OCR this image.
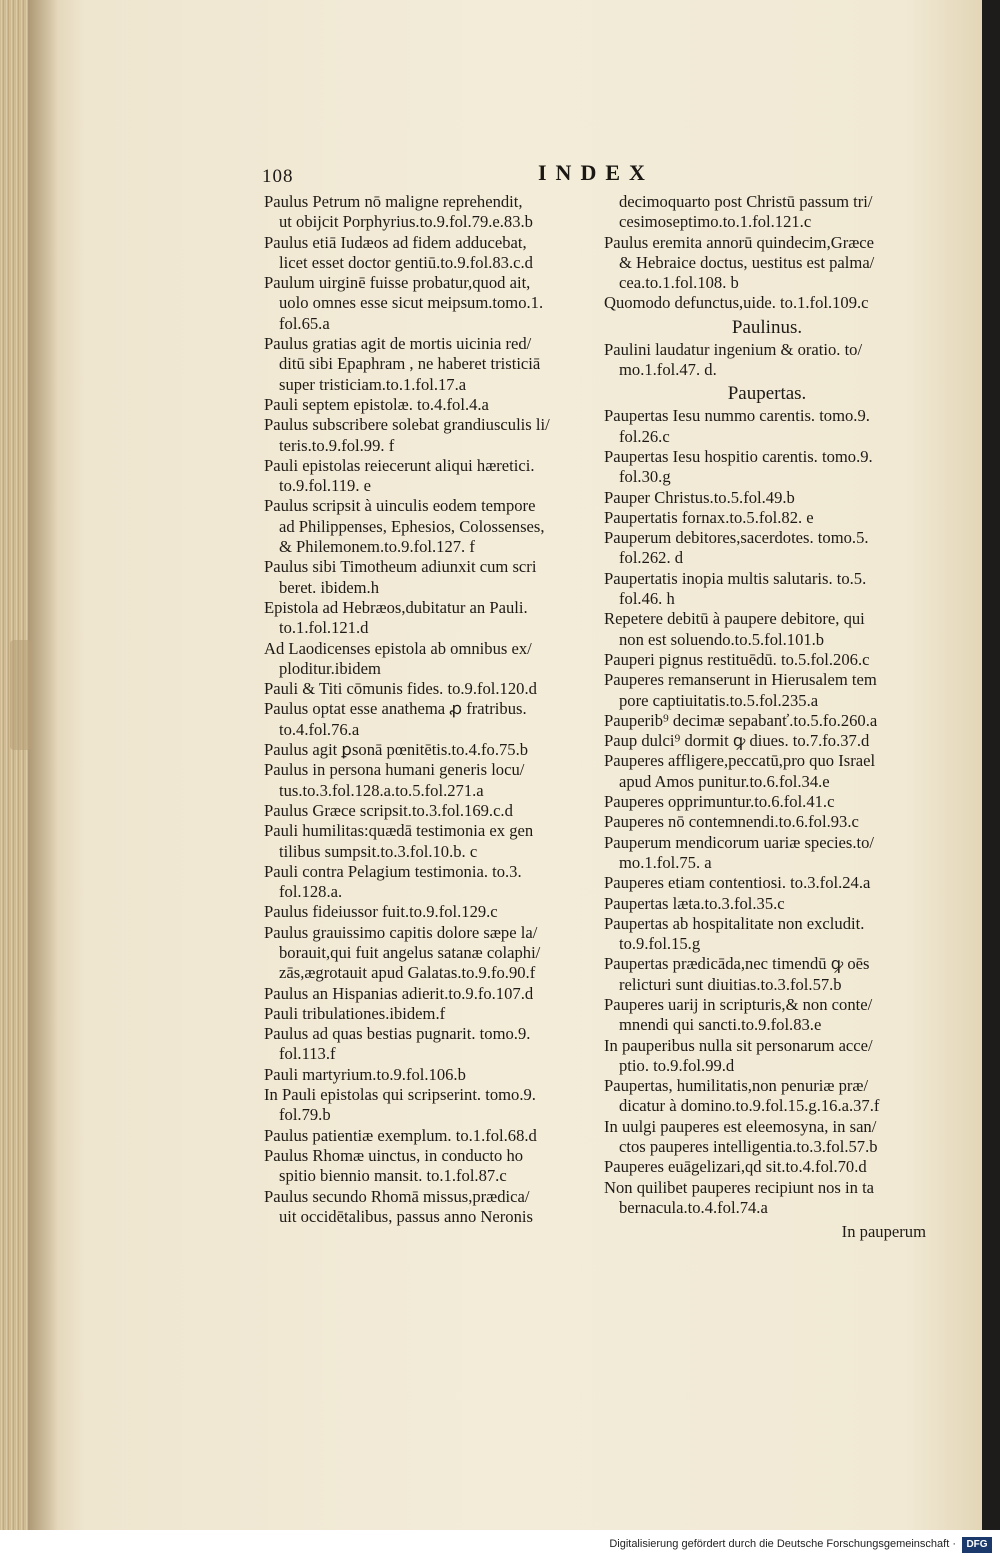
108	INDEX
Paulus Petrum nō maligne reprehendit,
ut obijcit Porphyrius.to.9.fol.79.e.83.b
Paulus etiā Iudæos ad fidem adducebat,
licet esset doctor gentiū.to.9.fol.83.c.d
Paulum uirginē fuisse probatur,quod ait,
uolo omnes esse sicut meipsum.tomo.1.
fol.65.a
Paulus gratias agit de mortis uicinia red/
ditū sibi Epaphram , ne haberet tristiciā
super tristiciam.to.1.fol.17.a
Pauli septem epistolæ. to.4.fol.4.a
Paulus subscribere solebat grandiusculis li/
teris.to.9.fol.99. f
Pauli epistolas reiecerunt aliqui hæretici.
to.9.fol.119. e
Paulus scripsit à uinculis eodem tempore
ad Philippenses, Ephesios, Colossenses,
& Philemonem.to.9.fol.127. f
Paulus sibi Timotheum adiunxit cum scri
beret. ibidem.h
Epistola ad Hebræos,dubitatur an Pauli.
to.1.fol.121.d
Ad Laodicenses epistola ab omnibus ex/
ploditur.ibidem
Pauli & Titi cōmunis fides. to.9.fol.120.d
Paulus optat esse anathema ꝓ fratribus.
to.4.fol.76.a
Paulus agit ꝑsonā pœnitētis.to.4.fo.75.b
Paulus in persona humani generis locu/
tus.to.3.fol.128.a.to.5.fol.271.a
Paulus Græce scripsit.to.3.fol.169.c.d
Pauli humilitas:quædā testimonia ex gen
tilibus sumpsit.to.3.fol.10.b. c
Pauli contra Pelagium testimonia. to.3.
fol.128.a.
Paulus fideiussor fuit.to.9.fol.129.c
Paulus grauissimo capitis dolore sæpe la/
borauit,qui fuit angelus satanæ colaphi/
zās,ægrotauit apud Galatas.to.9.fo.90.f
Paulus an Hispanias adierit.to.9.fo.107.d
Pauli tribulationes.ibidem.f
Paulus ad quas bestias pugnarit. tomo.9.
fol.113.f
Pauli martyrium.to.9.fol.106.b
In Pauli epistolas qui scripserint. tomo.9.
fol.79.b
Paulus patientiæ exemplum. to.1.fol.68.d
Paulus Rhomæ uinctus, in conducto ho
spitio biennio mansit. to.1.fol.87.c
Paulus secundo Rhomā missus,prædica/
uit occidētalibus, passus anno Neronis
decimoquarto post Christū passum tri/
cesimoseptimo.to.1.fol.121.c
Paulus eremita annorū quindecim,Græce
& Hebraice doctus, uestitus est palma/
cea.to.1.fol.108. b
Quomodo defunctus,uide. to.1.fol.109.c
Paulinus.
Paulini laudatur ingenium & oratio. to/
mo.1.fol.47. d.
Paupertas.
Paupertas Iesu nummo carentis. tomo.9.
fol.26.c
Paupertas Iesu hospitio carentis. tomo.9.
fol.30.g
Pauper Christus.to.5.fol.49.b
Paupertatis fornax.to.5.fol.82. e
Pauperum debitores,sacerdotes. tomo.5.
fol.262. d
Paupertatis inopia multis salutaris. to.5.
fol.46. h
Repetere debitū à paupere debitore, qui
non est soluendo.to.5.fol.101.b
Pauperi pignus restituēdū. to.5.fol.206.c
Pauperes remanserunt in Hierusalem tem
pore captiuitatis.to.5.fol.235.a
Pauperib⁹ decimæ sepabanť.to.5.fo.260.a
Paup dulci⁹ dormit ꝙ diues. to.7.fo.37.d
Pauperes affligere,peccatū,pro quo Israel
apud Amos punitur.to.6.fol.34.e
Pauperes opprimuntur.to.6.fol.41.c
Pauperes nō contemnendi.to.6.fol.93.c
Pauperum mendicorum uariæ species.to/
mo.1.fol.75. a
Pauperes etiam contentiosi. to.3.fol.24.a
Paupertas læta.to.3.fol.35.c
Paupertas ab hospitalitate non excludit.
to.9.fol.15.g
Paupertas prædicāda,nec timendū ꝙ oēs
relicturi sunt diuitias.to.3.fol.57.b
Pauperes uarij in scripturis,& non conte/
mnendi qui sancti.to.9.fol.83.e
In pauperibus nulla sit personarum acce/
ptio. to.9.fol.99.d
Paupertas, humilitatis,non penuriæ præ/
dicatur à domino.to.9.fol.15.g.16.a.37.f
In uulgi pauperes est eleemosyna, in san/
ctos pauperes intelligentia.to.3.fol.57.b
Pauperes euāgelizari,qd sit.to.4.fol.70.d
Non quilibet pauperes recipiunt nos in ta
bernacula.to.4.fol.74.a
In pauperum
Digitalisierung gefördert durch die Deutsche Forschungsgemeinschaft ·	DFG
